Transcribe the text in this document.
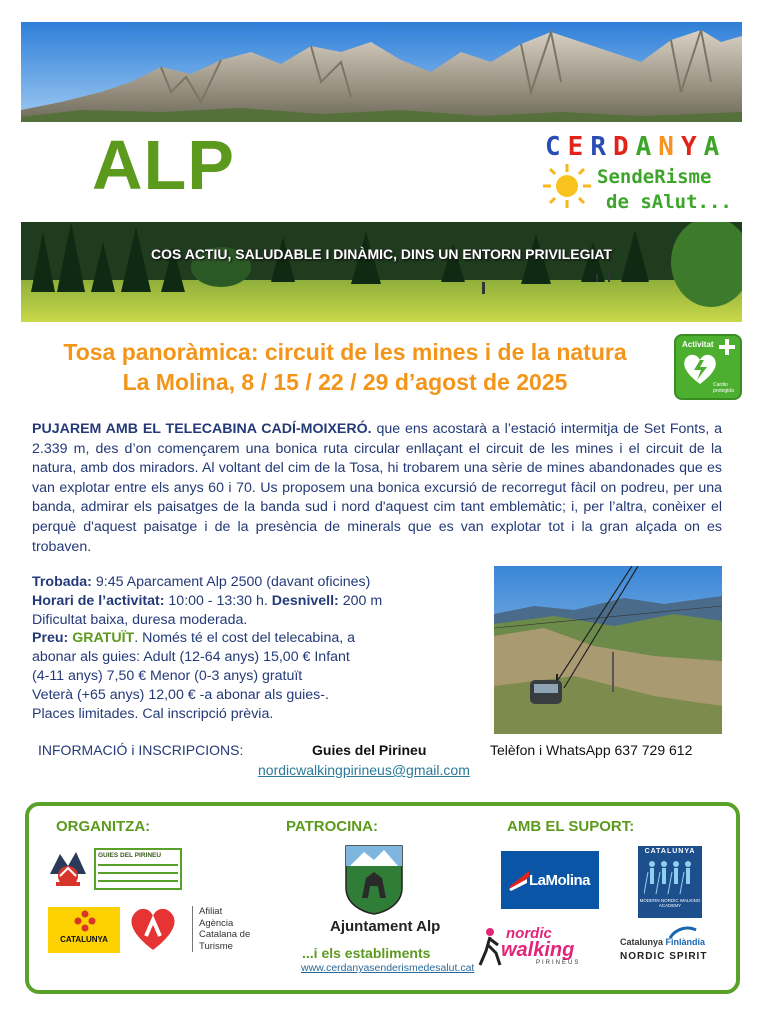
ALP	CERDANYA
SendeRisme
de sAlut...
COS ACTIU, SALUDABLE I DINÀMIC, DINS UN ENTORN PRIVILEGIAT
Tosa panoràmica: circuit de les mines i de la natura
La Molina, 8 / 15 / 22 / 29 d’agost de 2025
Activitat
Cardio
protegida
PUJAREM AMB EL TELECABINA CADÍ-MOIXERÓ. que ens acostarà a l’estació intermitja de Set Fonts, a 2.339 m, des d’on començarem una bonica ruta circular enllaçant el circuit de les mines i el circuit de la natura, amb dos miradors. Al voltant del cim de la Tosa, hi trobarem una sèrie de mines abandonades que es van explotar entre els anys 60 i 70. Us proposem una bonica excursió de recorregut fàcil on podreu, per una banda, admirar els paisatges de la banda sud i nord d'aquest cim tant emblemàtic; i, per l’altra, conèixer el perquè d'aquest paisatge i de la presència de minerals que es van explotar tot i la gran alçada on es trobaven.
Trobada: 9:45 Aparcament Alp 2500 (davant oficines)
Horari de l’activitat: 10:00 - 13:30 h. Desnivell: 200 m
Dificultat baixa, duresa moderada.
Preu: GRATUÏT. Només té el cost del telecabina, a
abonar als guies: Adult (12-64 anys) 15,00 € Infant
(4-11 anys) 7,50 € Menor (0-3 anys) gratuït
Veterà (+65 anys) 12,00 € -a abonar als guies-.
Places limitades. Cal inscripció prèvia.
INFORMACIÓ i INSCRIPCIONS:	Guies del Pirineu	Telèfon i WhatsApp 637 729 612
nordicwalkingpirineus@gmail.com
ORGANITZA:	PATROCINA:	AMB EL SUPORT:
GUIES DEL PIRINEU
CATALUNYA
Afiliat
Agència
Catalana de
Turisme
Ajuntament Alp
...i els establiments
www.cerdanyasenderismedesalut.cat
LaMolina
CATALUNYA
MODERN NORDIC WALKING ACADEMY
nordic
walking
PIRINEUS
Catalunya Finlàndia
NORDIC SPIRIT
